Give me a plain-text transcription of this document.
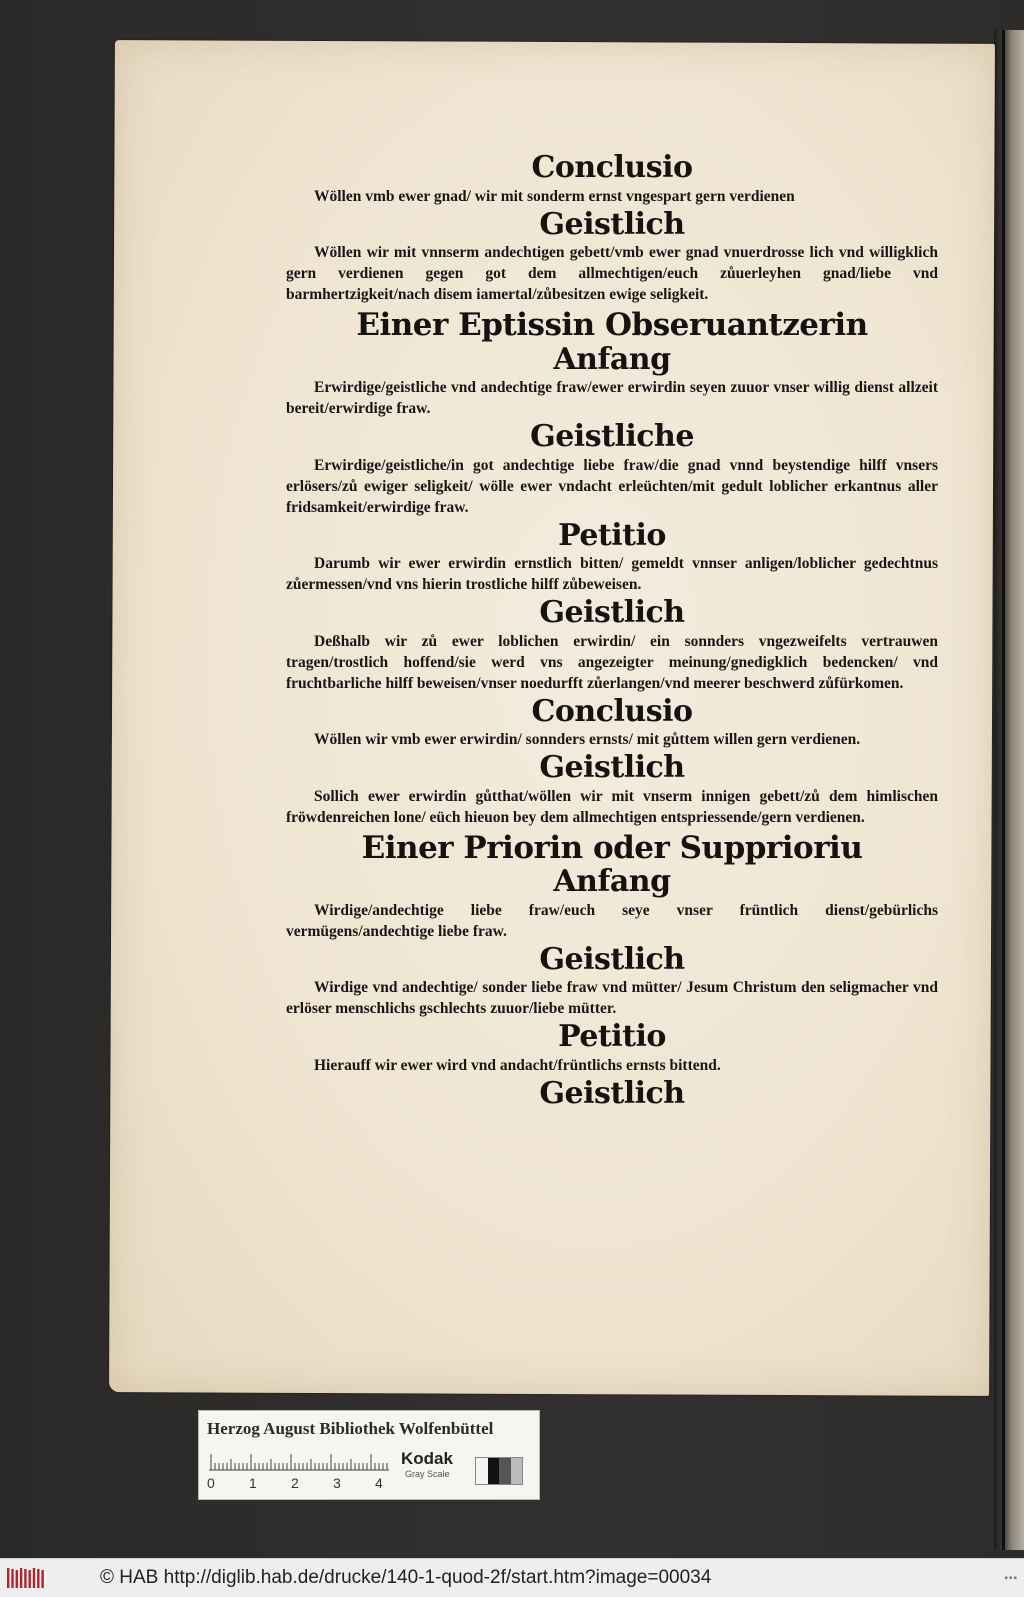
Conclusio
Wöllen vmb ewer gnad/ wir mit sonderm ernst vngespart gern verdienen
Geistlich
Wöllen wir mit vnnserm andechtigen gebett/vmb ewer gnad vnuerdrosse lich vnd willigklich gern verdienen gegen got dem allmechtigen/euch zůuerleyhen gnad/liebe vnd barmhertzigkeit/nach disem iamertal/zůbesitzen ewige seligkeit.
Einer Eptissin Obseruantzerin
Anfang
Erwirdige/geistliche vnd andechtige fraw/ewer erwirdin seyen zuuor vnser willig dienst allzeit bereit/erwirdige fraw.
Geistliche
Erwirdige/geistliche/in got andechtige liebe fraw/die gnad vnnd beystendige hilff vnsers erlösers/zů ewiger seligkeit/ wölle ewer vndacht erleüchten/mit gedult loblicher erkantnus aller fridsamkeit/erwirdige fraw.
Petitio
Darumb wir ewer erwirdin ernstlich bitten/ gemeldt vnnser anligen/loblicher gedechtnus zůermessen/vnd vns hierin trostliche hilff zůbeweisen.
Geistlich
Deßhalb wir zů ewer loblichen erwirdin/ ein sonnders vngezweifelts vertrauwen tragen/trostlich hoffend/sie werd vns angezeigter meinung/gnedigklich bedencken/ vnd fruchtbarliche hilff beweisen/vnser noedurfft zůerlangen/vnd meerer beschwerd zůfürkomen.
Conclusio
Wöllen wir vmb ewer erwirdin/ sonnders ernsts/ mit gůttem willen gern verdienen.
Geistlich
Sollich ewer erwirdin gůtthat/wöllen wir mit vnserm innigen gebett/zů dem himlischen fröwdenreichen lone/ eüch hieuon bey dem allmechtigen entspriessende/gern verdienen.
Einer Priorin oder Supprioriu
Anfang
Wirdige/andechtige liebe fraw/euch seye vnser früntlich dienst/gebürlichs vermügens/andechtige liebe fraw.
Geistlich
Wirdige vnd andechtige/ sonder liebe fraw vnd mütter/ Jesum Christum den seligmacher vnd erlöser menschlichs gschlechts zuuor/liebe mütter.
Petitio
Hierauff wir ewer wird vnd andacht/früntlichs ernsts bittend.
Geistlich
Herzog August Bibliothek Wolfenbüttel
0 1 2 3 4
Kodak
Gray Scale
© HAB http://diglib.hab.de/drucke/140-1-quod-2f/start.htm?image=00034	▪▪▪
